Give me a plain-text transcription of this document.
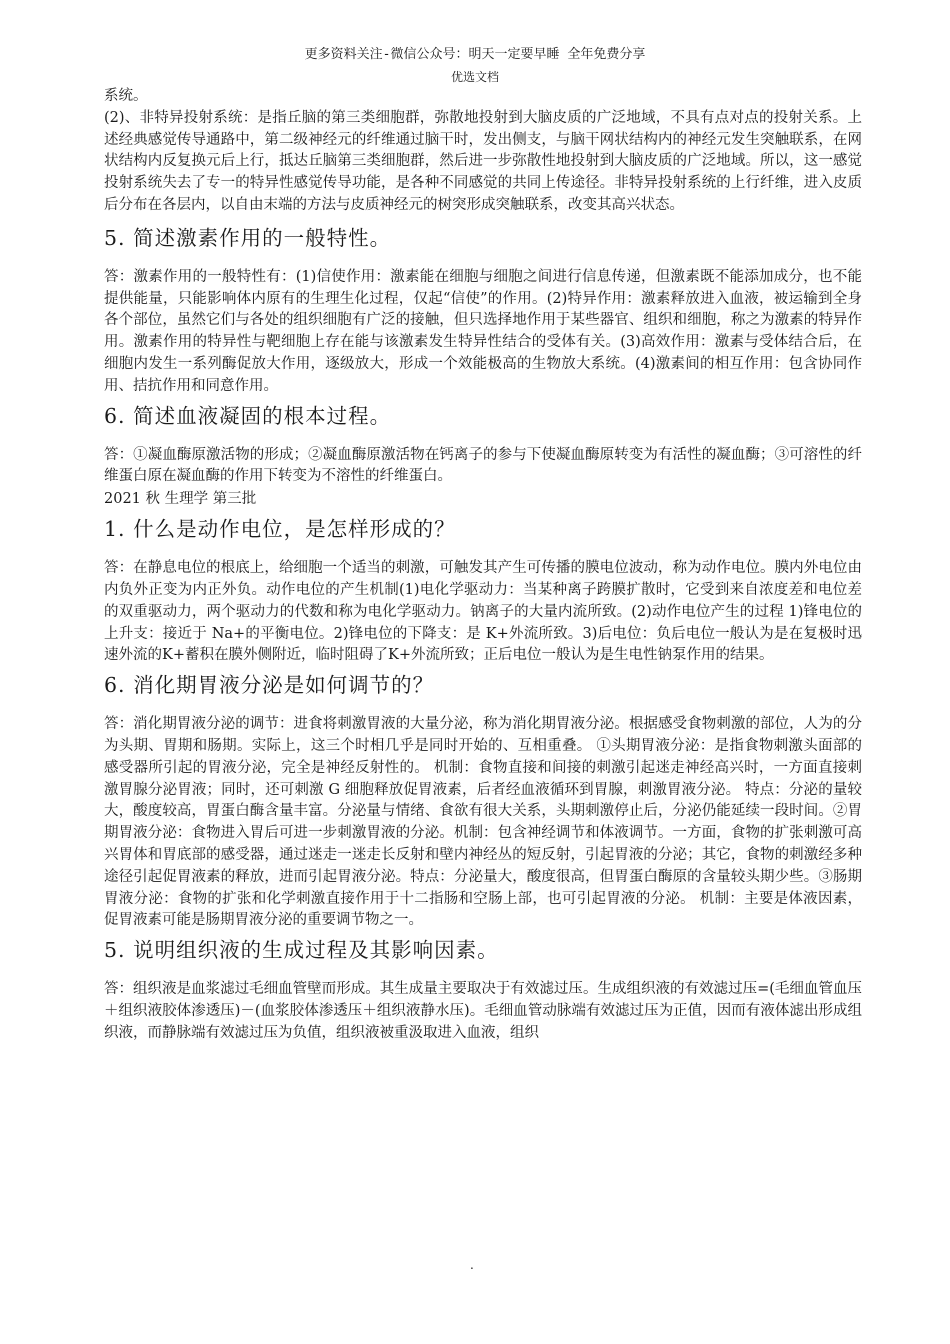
更多资料关注-微信公众号：明天一定要早睡 全年免费分享
优选文档

系统。

(2)、非特异投射系统：是指丘脑的第三类细胞群，弥散地投射到大脑皮质的广泛地域，不具有点对点的投射关系。上述经典感觉传导通路中，第二级神经元的纤维通过脑干时，发出侧支，与脑干网状结构内的神经元发生突触联系，在网状结构内反复换元后上行，抵达丘脑第三类细胞群，然后进一步弥散性地投射到大脑皮质的广泛地域。所以，这一感觉投射系统失去了专一的特异性感觉传导功能，是各种不同感觉的共同上传途径。非特异投射系统的上行纤维，进入皮质后分布在各层内，以自由末端的方法与皮质神经元的树突形成突触联系，改变其高兴状态。

5. 简述激素作用的一般特性。

答：激素作用的一般特性有：(1)信使作用：激素能在细胞与细胞之间进行信息传递，但激素既不能添加成分，也不能提供能量，只能影响体内原有的生理生化过程，仅起“信使”的作用。(2)特异作用：激素释放进入血液，被运输到全身各个部位，虽然它们与各处的组织细胞有广泛的接触，但只选择地作用于某些器官、组织和细胞，称之为激素的特异作用。激素作用的特异性与靶细胞上存在能与该激素发生特异性结合的受体有关。(3)高效作用：激素与受体结合后，在细胞内发生一系列酶促放大作用，逐级放大，形成一个效能极高的生物放大系统。(4)激素间的相互作用：包含协同作用、拮抗作用和同意作用。

6. 简述血液凝固的根本过程。

答：①凝血酶原激活物的形成；②凝血酶原激活物在钙离子的参与下使凝血酶原转变为有活性的凝血酶；③可溶性的纤维蛋白原在凝血酶的作用下转变为不溶性的纤维蛋白。

2021 秋 生理学 第三批
1. 什么是动作电位，是怎样形成的？

答：在静息电位的根底上，给细胞一个适当的刺激，可触发其产生可传播的膜电位波动，称为动作电位。膜内外电位由内负外正变为内正外负。动作电位的产生机制(1)电化学驱动力：当某种离子跨膜扩散时，它受到来自浓度差和电位差的双重驱动力，两个驱动力的代数和称为电化学驱动力。钠离子的大量内流所致。(2)动作电位产生的过程 1)锋电位的上升支：接近于 Na+的平衡电位。2)锋电位的下降支：是 K+外流所致。3)后电位：负后电位一般认为是在复极时迅速外流的K+蓄积在膜外侧附近，临时阻碍了K+外流所致；正后电位一般认为是生电性钠泵作用的结果。

6. 消化期胃液分泌是如何调节的？

答：消化期胃液分泌的调节：进食将刺激胃液的大量分泌，称为消化期胃液分泌。根据感受食物刺激的部位，人为的分为头期、胃期和肠期。实际上，这三个时相几乎是同时开始的、互相重叠。 ①头期胃液分泌：是指食物刺激头面部的感受器所引起的胃液分泌，完全是神经反射性的。 机制：食物直接和间接的刺激引起迷走神经高兴时，一方面直接刺激胃腺分泌胃液；同时，还可刺激 G 细胞释放促胃液素，后者经血液循环到胃腺，刺激胃液分泌。 特点：分泌的量较大，酸度较高，胃蛋白酶含量丰富。分泌量与情绪、食欲有很大关系，头期刺激停止后，分泌仍能延续一段时间。②胃期胃液分泌：食物进入胃后可进一步刺激胃液的分泌。机制：包含神经调节和体液调节。一方面，食物的扩张刺激可高兴胃体和胃底部的感受器，通过迷走一迷走长反射和壁内神经丛的短反射，引起胃液的分泌；其它，食物的刺激经多种途径引起促胃液素的释放，进而引起胃液分泌。特点：分泌量大，酸度很高，但胃蛋白酶原的含量较头期少些。③肠期胃液分泌：食物的扩张和化学刺激直接作用于十二指肠和空肠上部，也可引起胃液的分泌。 机制：主要是体液因素，促胃液素可能是肠期胃液分泌的重要调节物之一。

5. 说明组织液的生成过程及其影响因素。

答：组织液是血浆滤过毛细血管壁而形成。其生成量主要取决于有效滤过压。生成组织液的有效滤过压=(毛细血管血压＋组织液胶体渗透压)－(血浆胶体渗透压＋组织液静水压)。毛细血管动脉端有效滤过压为正值，因而有液体滤出形成组织液，而静脉端有效滤过压为负值，组织液被重汲取进入血液，组织

.
